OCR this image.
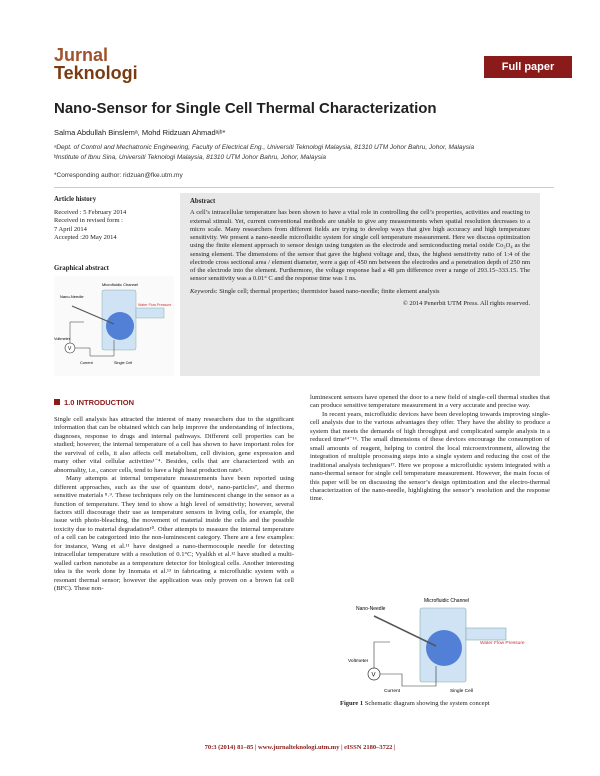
Jurnal
Teknologi	Full paper
Nano-Sensor for Single Cell Thermal Characterization
Salma Abdullah Binslemᵃ, Mohd Ridzuan Ahmadᵃʲᵇ*
ᵃDept. of Control and Mechatronic Engineering, Faculty of Electrical Eng., Universiti Teknologi Malaysia, 81310 UTM Johor Bahru, Johor, Malaysia
ᵇInstitute of Ibnu Sina, Universiti Teknologi Malaysia, 81310 UTM Johor Bahru, Johor, Malaysia
*Corresponding author: ridzuan@fke.utm.my
Article history
Received : 5 February 2014
Received in revised form :
7 April 2014
Accepted :20 May 2014
Graphical abstract
V
Nano-Needle
Microfluidic Channel
Water Flow Pressure
Voltmeter
Current	Single Cell
Abstract

A cell’s intracellular temperature has been shown to have a vital role in controlling the cell’s properties, activities and reacting to external stimuli. Yet, current conventional methods are unable to give any measurements when spatial resolution decreases to a micro scale. Many researchers from different fields are trying to develop ways that give high accuracy and high temperature sensitivity. We present a nano-needle microfluidic system for single cell temperature measurement. Here we discuss optimization using the finite element approach to sensor design using tungsten as the electrode and semiconducting metal oxide Co₃O₄ as the sensing element. The dimensions of the sensor that gave the highest voltage and, thus, the highest sensitivity ratio of 1:4 of the electrode cross sectional area / element diameter, were a gap of 450 nm between the electrodes and a penetration depth of 250 nm of the electrode into the element. Furthermore, the voltage response had a 48 µm difference over a range of 293.15–333.15. The sensor sensitivity was a 0.01° C and the response time was 1 ns.

Keywords: Single cell; thermal properties; thermistor based nano-needle; finite element analysis

© 2014 Penerbit UTM Press. All rights reserved.

1.0 INTRODUCTION

Single cell analysis has attracted the interest of many researchers due to the significant information that can be obtained which can help improve the understanding of infections, diagnoses, response to drugs and internal pathways. Different cell properties can be studied; however, the internal temperature of a cell has shown to have important roles for the survival of cells, it also affects cell metabolism, cell division, gene expression and many other vital cellular activities¹⁻⁴. Besides, cells that are characterized with an abnormality, i.e., cancer cells, tend to have a high heat production rate⁵.

Many attempts at internal temperature measurements have been reported using different approaches, such as the use of quantum dots⁶, nano-particles⁷, and thermo sensitive materials ⁸˒⁹. These techniques rely on the luminescent change in the sensor as a function of temperature. They tend to show a high level of sensitivity; however, several factors still discourage their use as temperature sensors in living cells, for example, the issue with photo-bleaching, the movement of material inside the cells and the possible toxicity due to material degradation¹⁰. Other attempts to measure the internal temperature of a cell can be categorized into the non-luminescent category. There are a few examples: for instance, Wang et al.¹¹ have designed a nano-thermocouple needle for detecting intracellular temperature with a resolution of 0.1°C; Vyalikh et al.¹² have studied a multi-walled carbon nanotube as a temperature detector for biological cells. Another interesting idea is the work done by Inomata et al.¹³ in fabricating a microfluidic system with a resonant thermal sensor; however the application was only proven on a brown fat cell (BFC). These non-

luminescent sensors have opened the door to a new field of single-cell thermal studies that can produce sensitive temperature measurement in a very accurate and precise way.

In recent years, microfluidic devices have been developing towards improving single-cell analysis due to the various advantages they offer. They have the ability to produce a system that meets the demands of high throughput and complicated sample analysis in a reduced time¹⁴⁻¹⁶. The small dimensions of these devices encourage the consumption of small amounts of reagent, helping to control the local microenvironment, allowing the integration of multiple processing steps into a single system and reducing the cost of the traditional analysis techniques¹⁷. Here we propose a microfluidic system integrated with a nano-thermal sensor for single cell temperature measurement. However, the main focus of this paper will be on discussing the sensor’s design optimization and the electro-thermal characterization of the nano-needle, highlighting the sensor’s resolution and the response time.

V
Nano-Needle
Microfluidic Channel
Water Flow Pressure
Voltmeter
Current	Single Cell
Figure 1 Schematic diagram showing the system concept
70:3 (2014) 81–85 | www.jurnalteknologi.utm.my | eISSN 2180–3722 |
